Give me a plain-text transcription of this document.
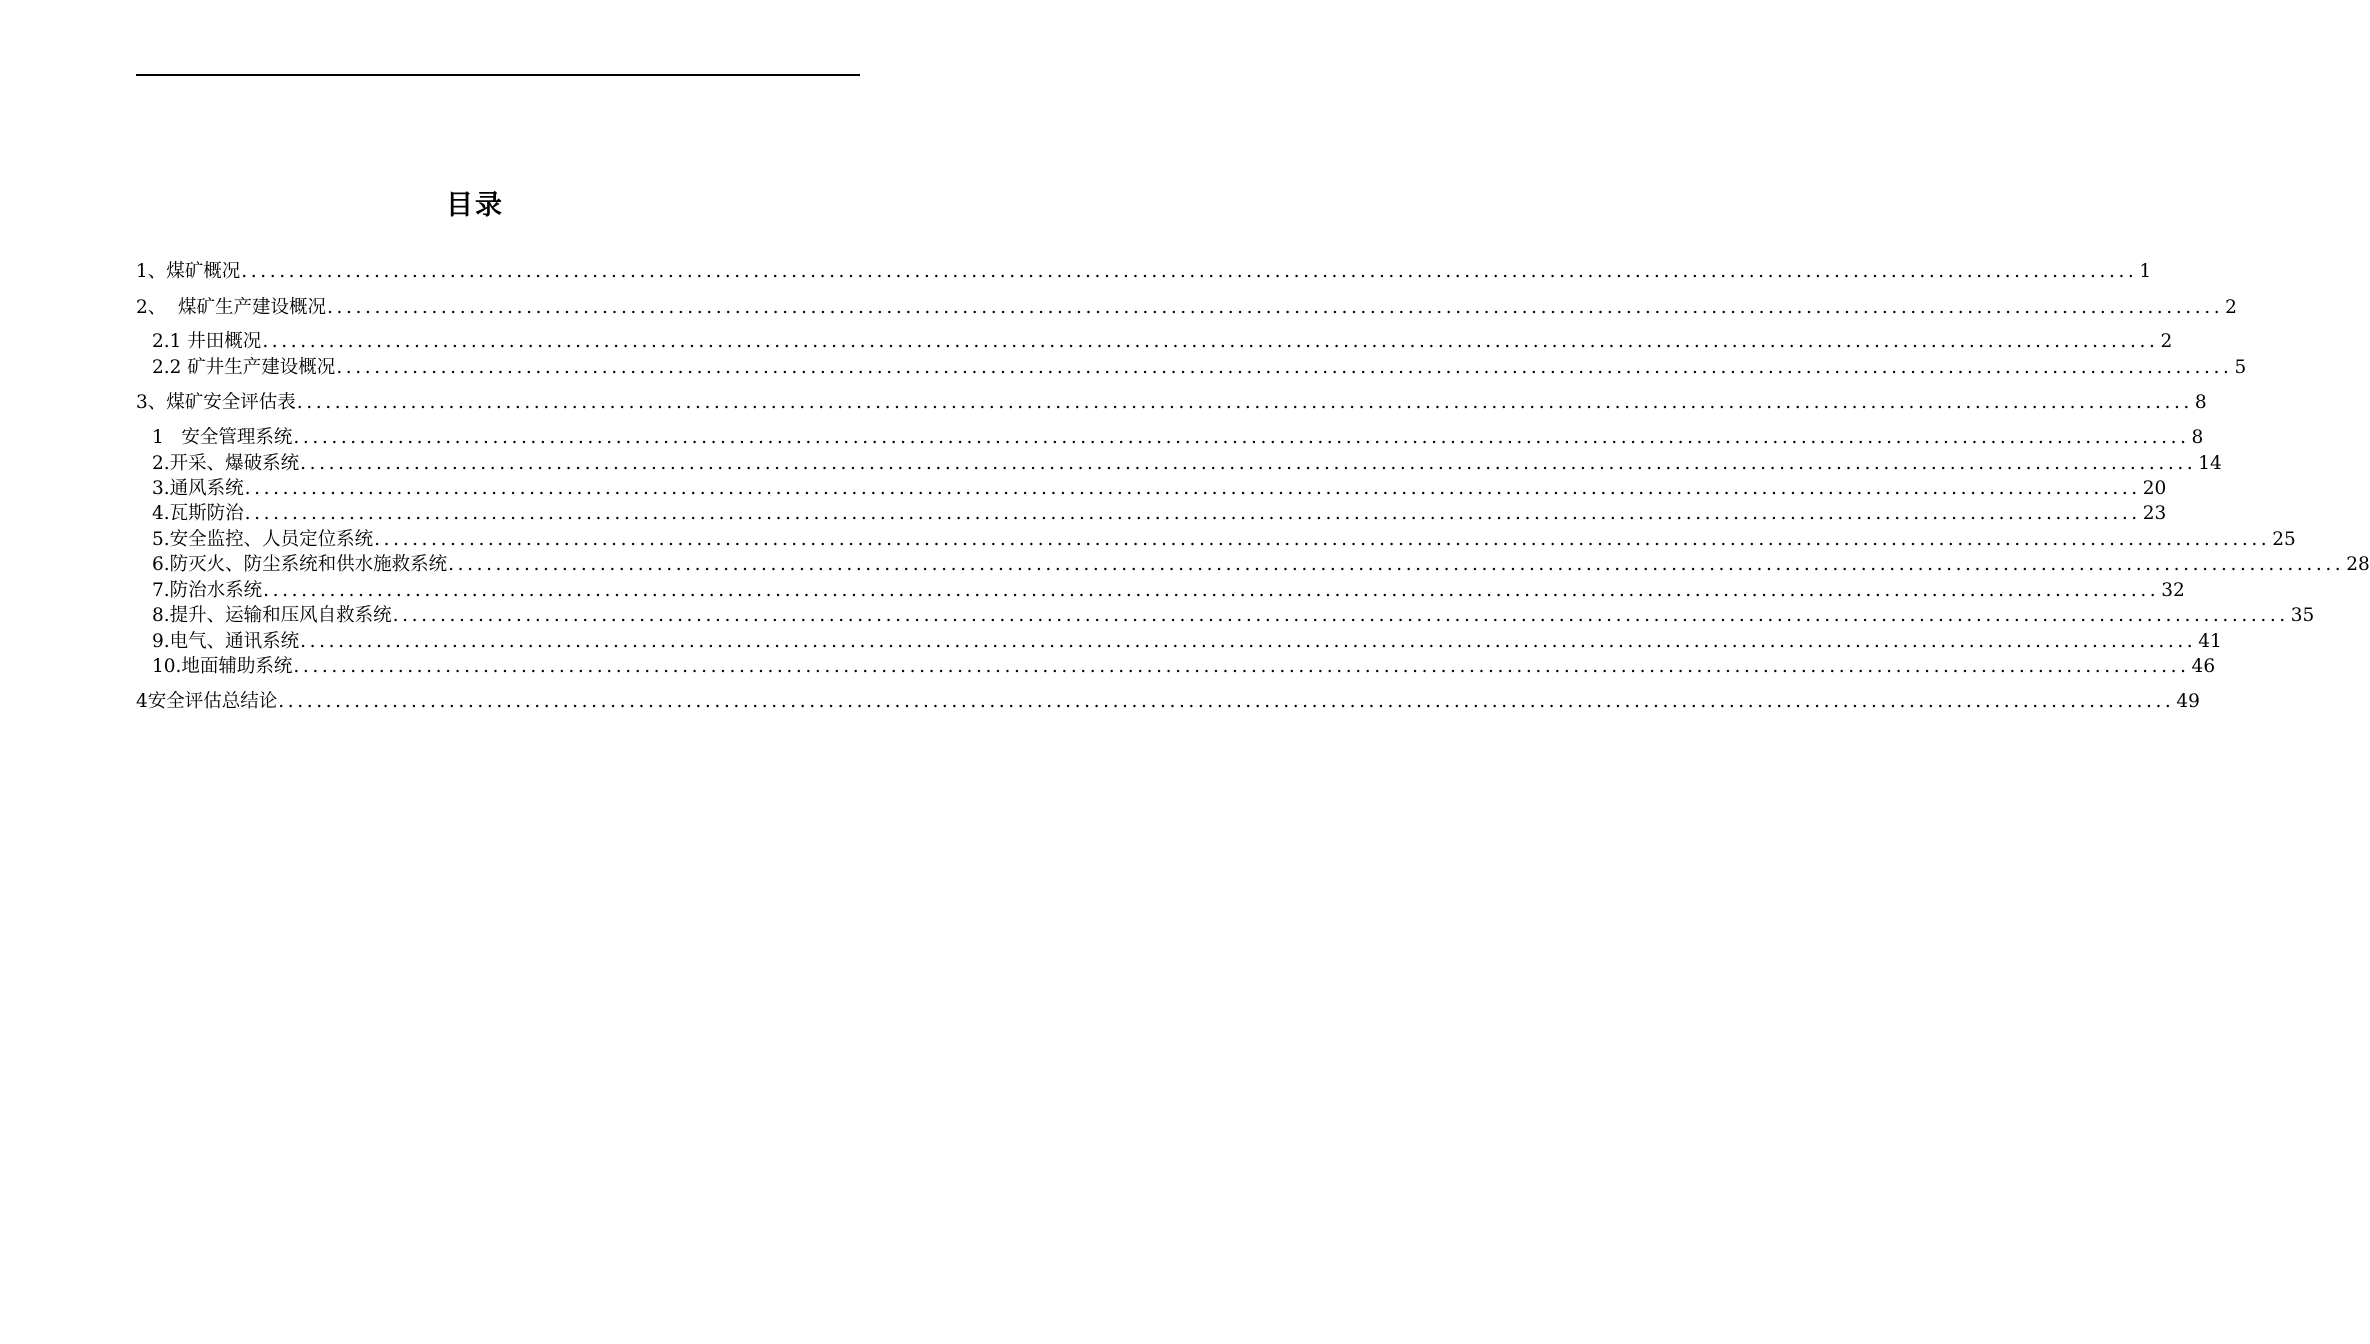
目录
1、煤矿概况 ........................................................................................................................................................................................................ 1
2、  煤矿生产建设概况 ........................................................................................................................................................................................................ 2
2.1 井田概况 ........................................................................................................................................................................................................ 2
2.2 矿井生产建设概况 ........................................................................................................................................................................................................ 5
3、煤矿安全评估表 ........................................................................................................................................................................................................ 8
1   安全管理系统 ........................................................................................................................................................................................................ 8
2.开采、爆破系统 ........................................................................................................................................................................................................ 14
3.通风系统 ........................................................................................................................................................................................................ 20
4.瓦斯防治 ........................................................................................................................................................................................................ 23
5.安全监控、人员定位系统 ........................................................................................................................................................................................................ 25
6.防灭火、防尘系统和供水施救系统 ........................................................................................................................................................................................................ 28
7.防治水系统 ........................................................................................................................................................................................................ 32
8.提升、运输和压风自救系统 ........................................................................................................................................................................................................ 35
9.电气、通讯系统 ........................................................................................................................................................................................................ 41
10.地面辅助系统 ........................................................................................................................................................................................................ 46
4安全评估总结论 ........................................................................................................................................................................................................ 49
